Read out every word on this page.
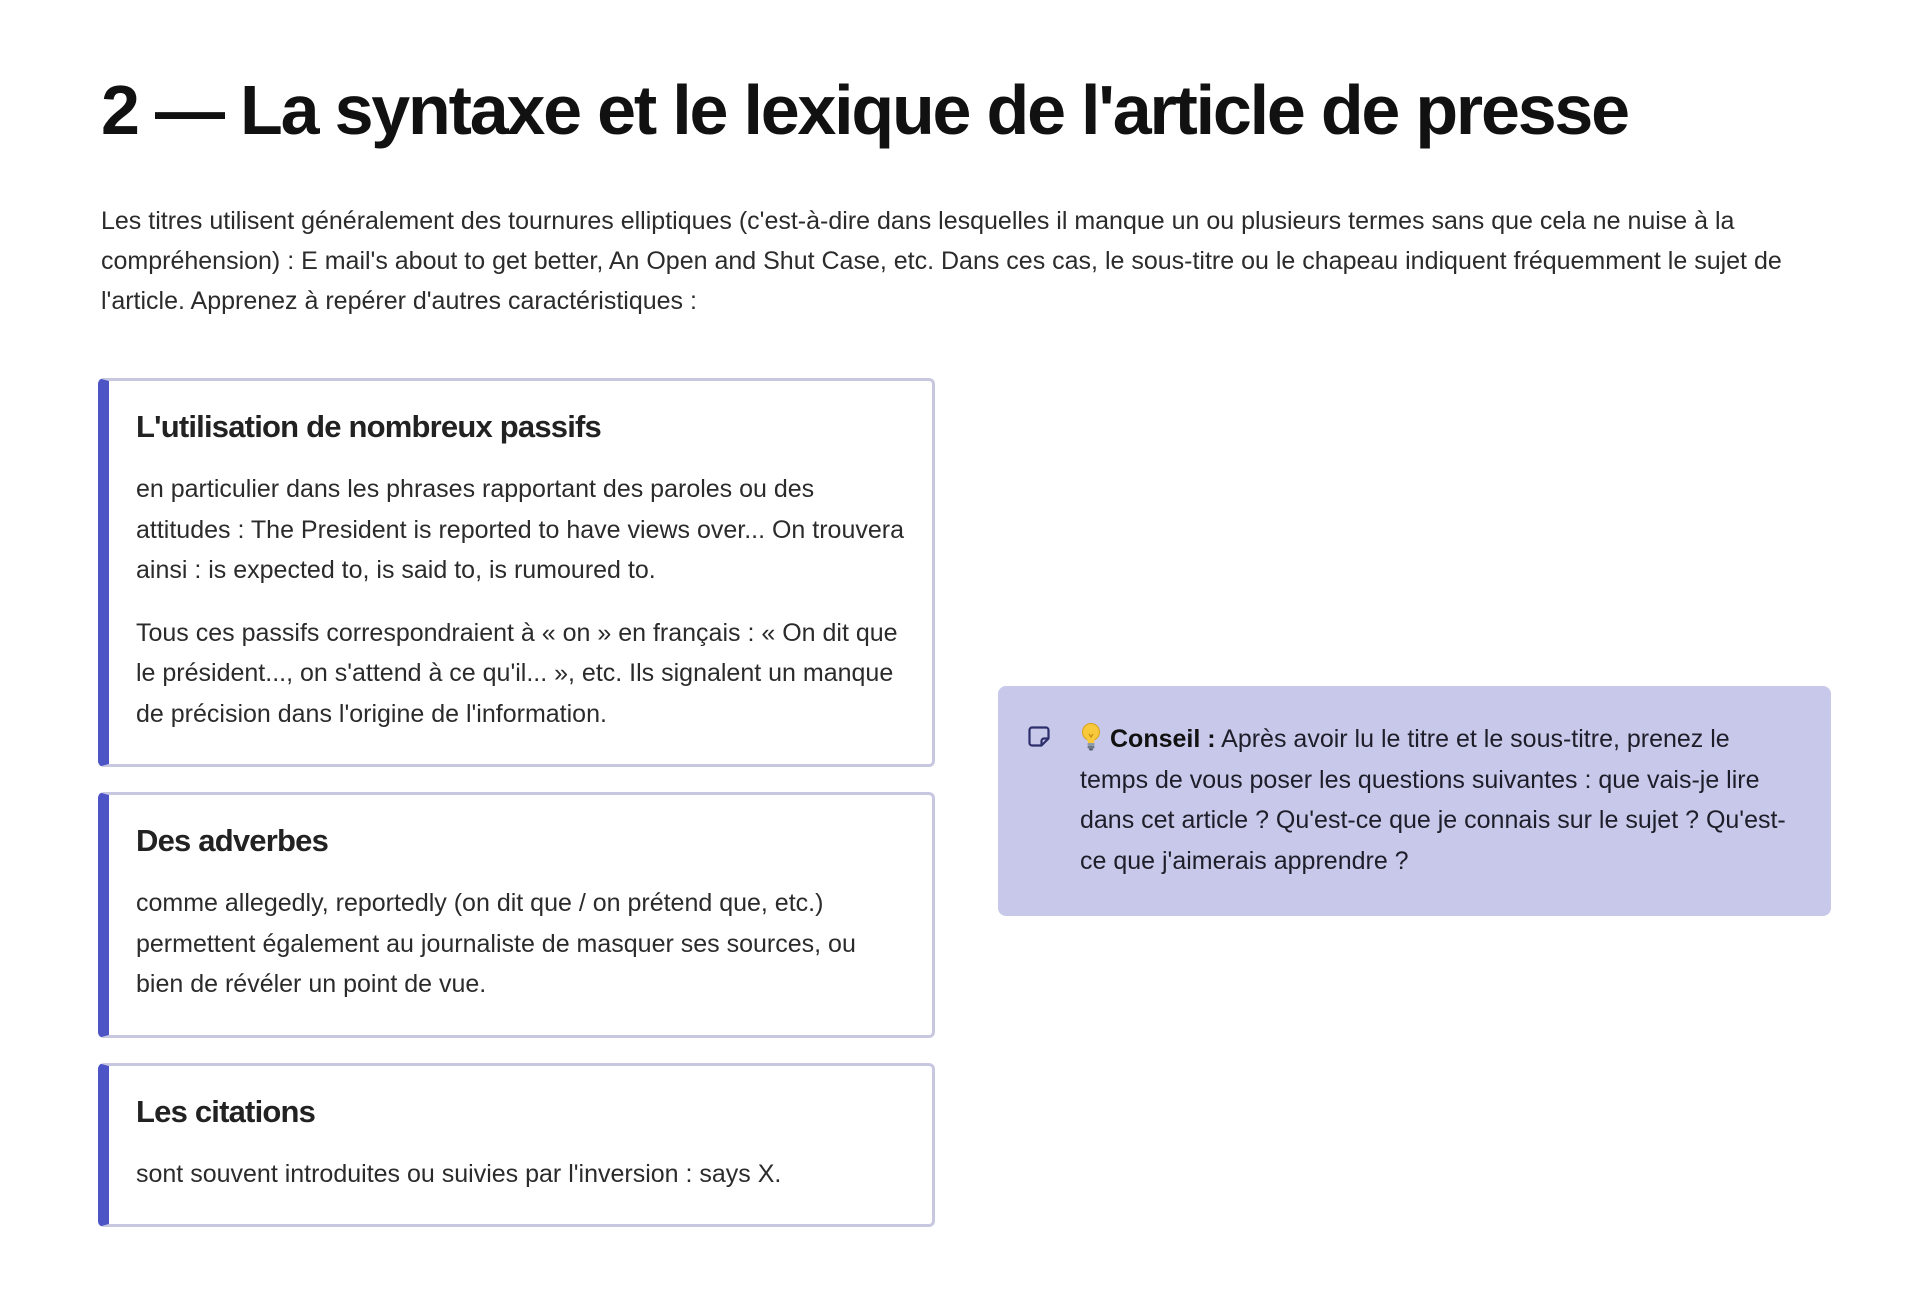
2 — La syntaxe et le lexique de l'article de presse

Les titres utilisent généralement des tournures elliptiques (c'est-à-dire dans lesquelles il manque un ou plusieurs termes sans que cela ne nuise à la compréhension) : E mail's about to get better, An Open and Shut Case, etc. Dans ces cas, le sous-titre ou le chapeau indiquent fréquemment le sujet de l'article. Apprenez à repérer d'autres caractéristiques :

L'utilisation de nombreux passifs

en particulier dans les phrases rapportant des paroles ou des attitudes : The President is reported to have views over... On trouvera ainsi : is expected to, is said to, is rumoured to.

Tous ces passifs correspondraient à « on » en français : « On dit que le président..., on s'attend à ce qu'il... », etc. Ils signalent un manque de précision dans l'origine de l'information.

Des adverbes

comme allegedly, reportedly (on dit que / on prétend que, etc.) permettent également au journaliste de masquer ses sources, ou bien de révéler un point de vue.

Les citations

sont souvent introduites ou suivies par l'inversion : says X.

Conseil : Après avoir lu le titre et le sous-titre, prenez le temps de vous poser les questions suivantes : que vais-je lire dans cet article ? Qu'est-ce que je connais sur le sujet ? Qu'est-ce que j'aimerais apprendre ?
